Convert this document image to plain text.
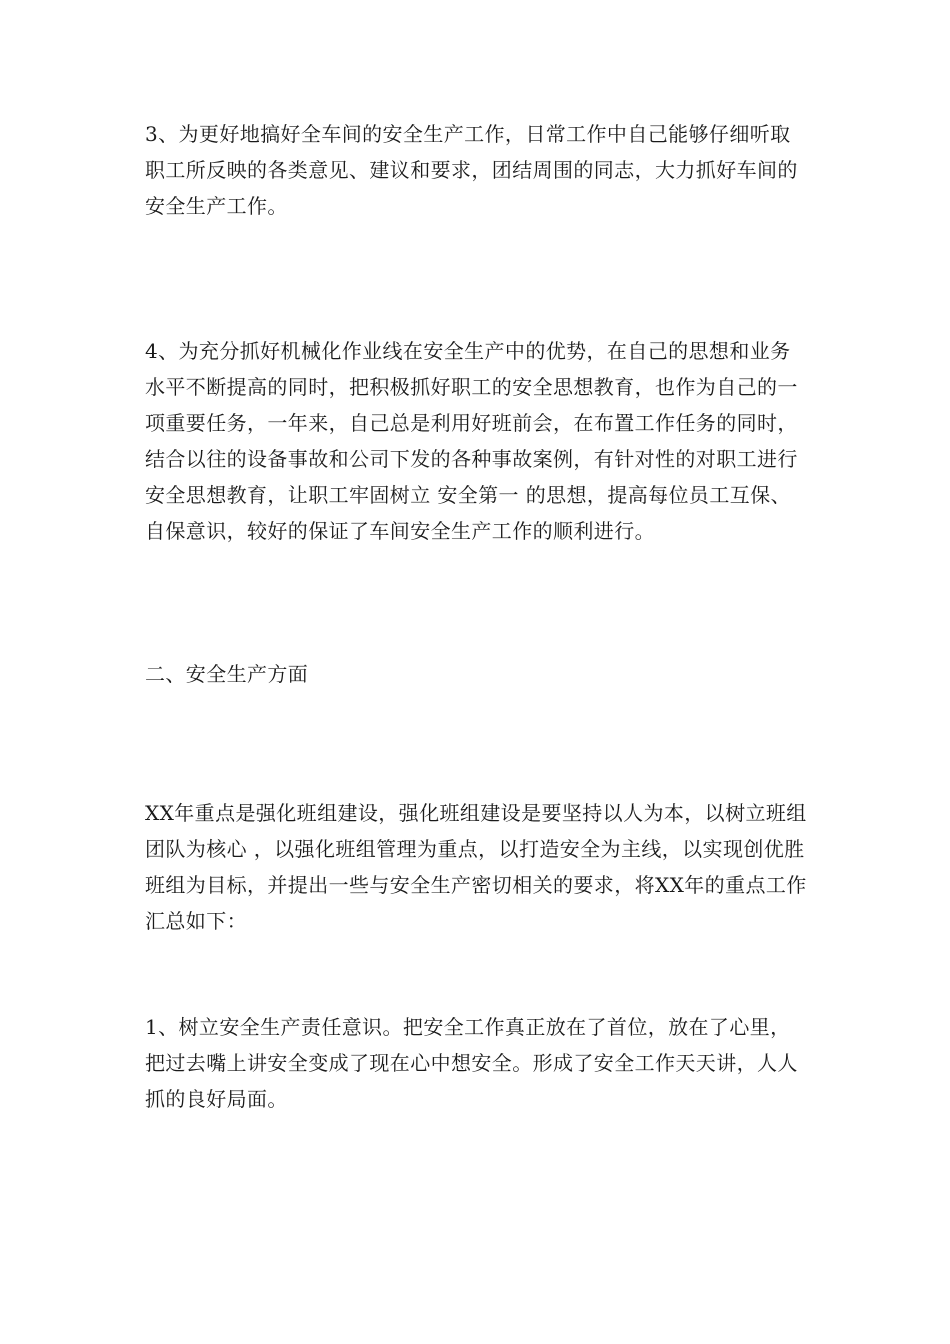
3、为更好地搞好全车间的安全生产工作，日常工作中自己能够仔细听取职工所反映的各类意见、建议和要求，团结周围的同志，大力抓好车间的安全生产工作。

4、为充分抓好机械化作业线在安全生产中的优势，在自己的思想和业务水平不断提高的同时，把积极抓好职工的安全思想教育，也作为自己的一项重要任务，一年来，自己总是利用好班前会，在布置工作任务的同时，结合以往的设备事故和公司下发的各种事故案例，有针对性的对职工进行安全思想教育，让职工牢固树立 安全第一 的思想，提高每位员工互保、自保意识，较好的保证了车间安全生产工作的顺利进行。

二、安全生产方面

XX年重点是强化班组建设，强化班组建设是要坚持以人为本，以树立班组团队为核心 ，以强化班组管理为重点，以打造安全为主线，以实现创优胜班组为目标，并提出一些与安全生产密切相关的要求，将XX年的重点工作汇总如下：

1、树立安全生产责任意识。把安全工作真正放在了首位，放在了心里，把过去嘴上讲安全变成了现在心中想安全。形成了安全工作天天讲，人人抓的良好局面。
